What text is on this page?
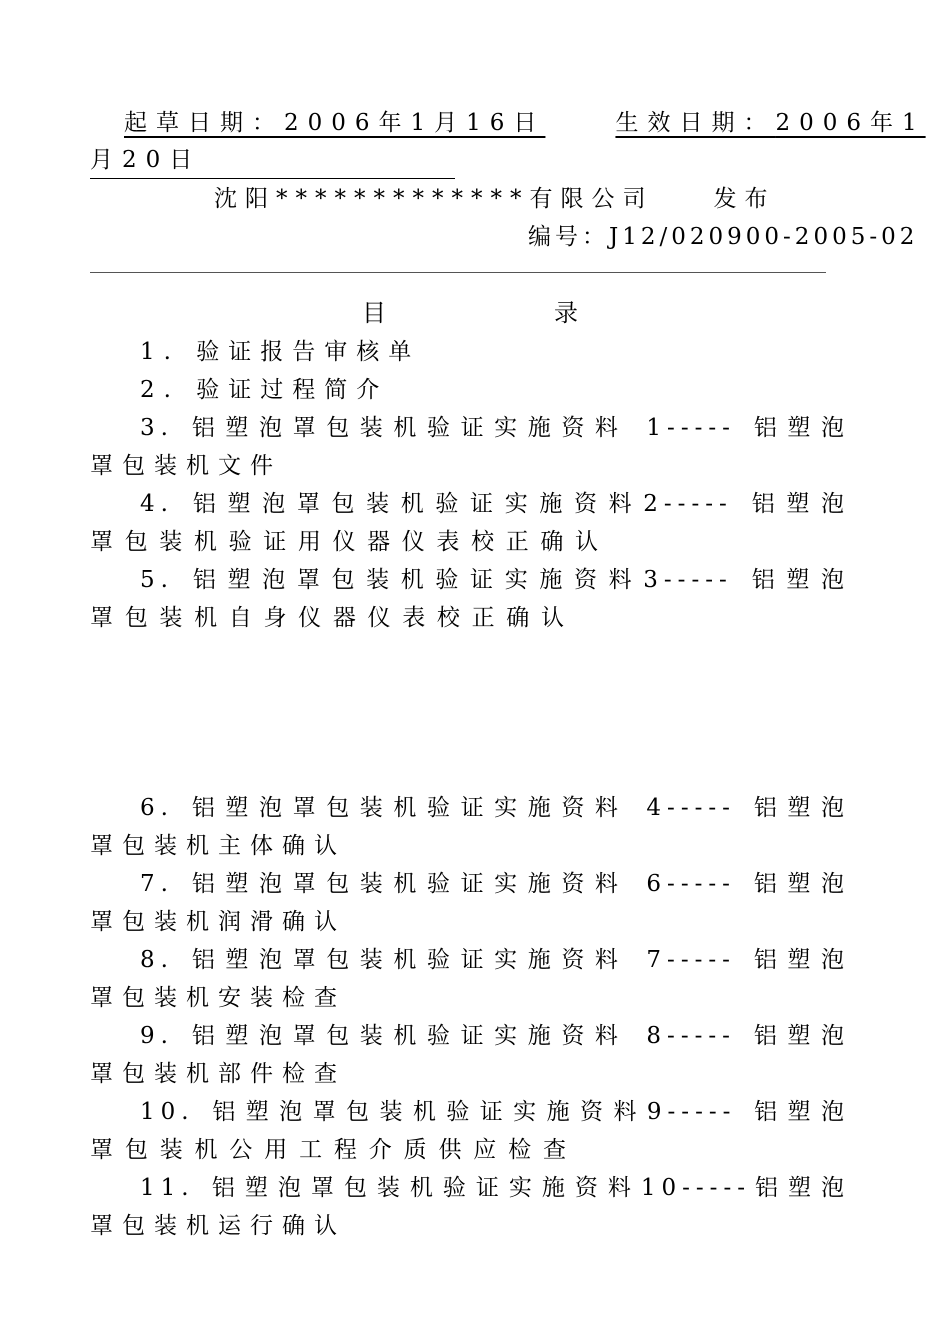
起草日期：2006年1月16日	生效日期：2006年1
月20日
沈阳*************有限公司	发布
编号：J12/020900-2005-02
目	录
1. 验证报告审核单
2. 验证过程简介
3. 铝塑泡罩包装机验证实施资料 1----- 铝塑泡
罩包装机文件
4. 铝塑泡罩包装机验证实施资料2----- 铝塑泡
罩包装机验证用仪器仪表校正确认
5. 铝塑泡罩包装机验证实施资料3----- 铝塑泡
罩包装机自身仪器仪表校正确认
6. 铝塑泡罩包装机验证实施资料 4----- 铝塑泡
罩包装机主体确认
7. 铝塑泡罩包装机验证实施资料 6----- 铝塑泡
罩包装机润滑确认
8. 铝塑泡罩包装机验证实施资料 7----- 铝塑泡
罩包装机安装检查
9. 铝塑泡罩包装机验证实施资料 8----- 铝塑泡
罩包装机部件检查
10. 铝塑泡罩包装机验证实施资料9----- 铝塑泡
罩包装机公用工程介质供应检查
11. 铝塑泡罩包装机验证实施资料10-----铝塑泡
罩包装机运行确认
